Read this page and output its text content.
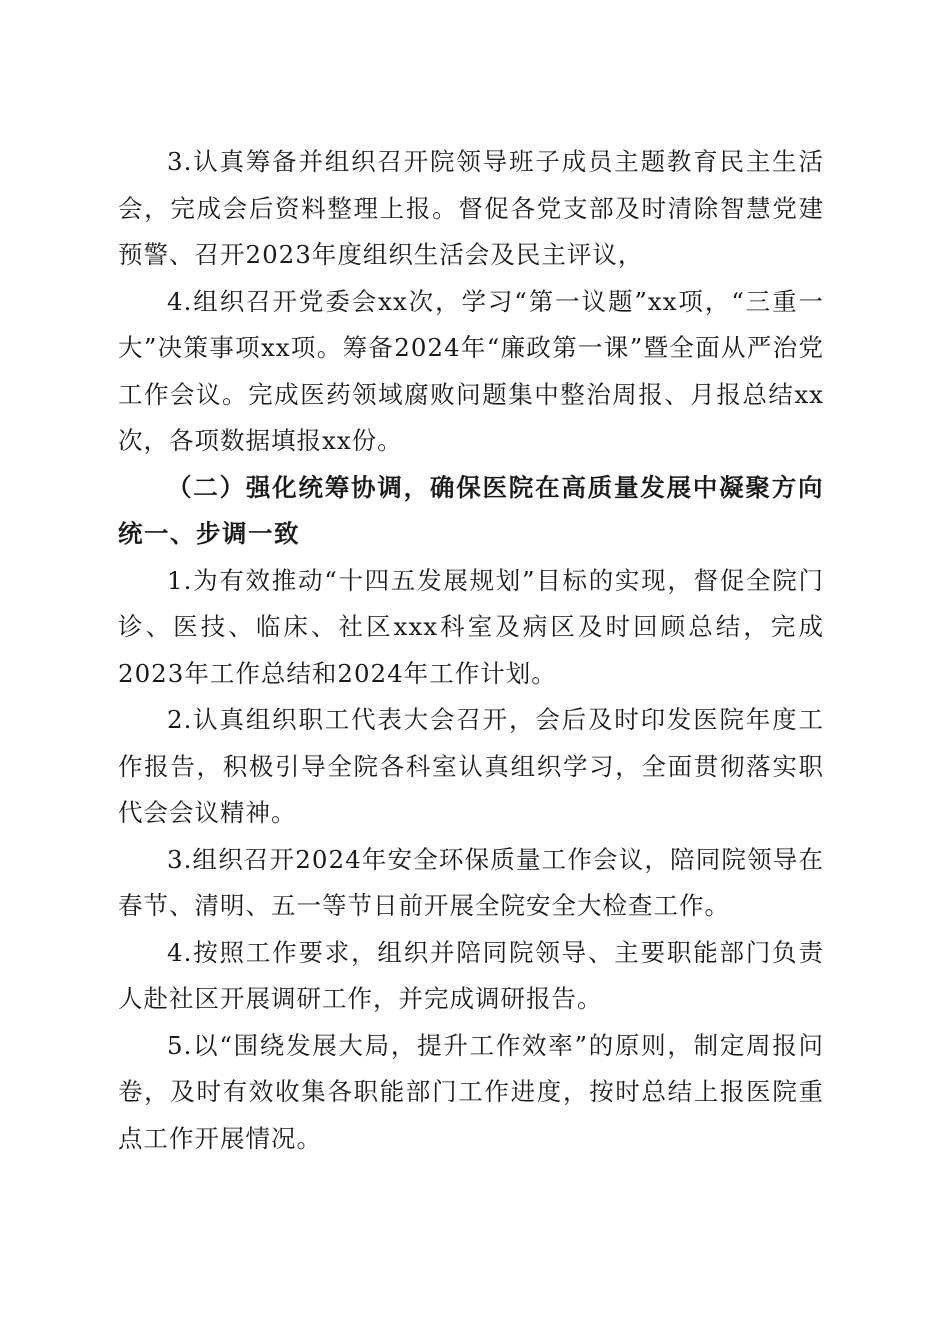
3.认真筹备并组织召开院领导班子成员主题教育民主生活会，完成会后资料整理上报。督促各党支部及时清除智慧党建预警、召开2023年度组织生活会及民主评议，

4.组织召开党委会xx次，学习“第一议题”xx项，“三重一大”决策事项xx项。筹备2024年“廉政第一课”暨全面从严治党工作会议。完成医药领域腐败问题集中整治周报、月报总结xx次，各项数据填报xx份。

（二）强化统筹协调，确保医院在高质量发展中凝聚方向统一、步调一致

1.为有效推动“十四五发展规划”目标的实现，督促全院门诊、医技、临床、社区xxx科室及病区及时回顾总结，完成2023年工作总结和2024年工作计划。

2.认真组织职工代表大会召开，会后及时印发医院年度工作报告，积极引导全院各科室认真组织学习，全面贯彻落实职代会会议精神。

3.组织召开2024年安全环保质量工作会议，陪同院领导在春节、清明、五一等节日前开展全院安全大检查工作。

4.按照工作要求，组织并陪同院领导、主要职能部门负责人赴社区开展调研工作，并完成调研报告。

5.以“围绕发展大局，提升工作效率”的原则，制定周报问卷，及时有效收集各职能部门工作进度，按时总结上报医院重点工作开展情况。
